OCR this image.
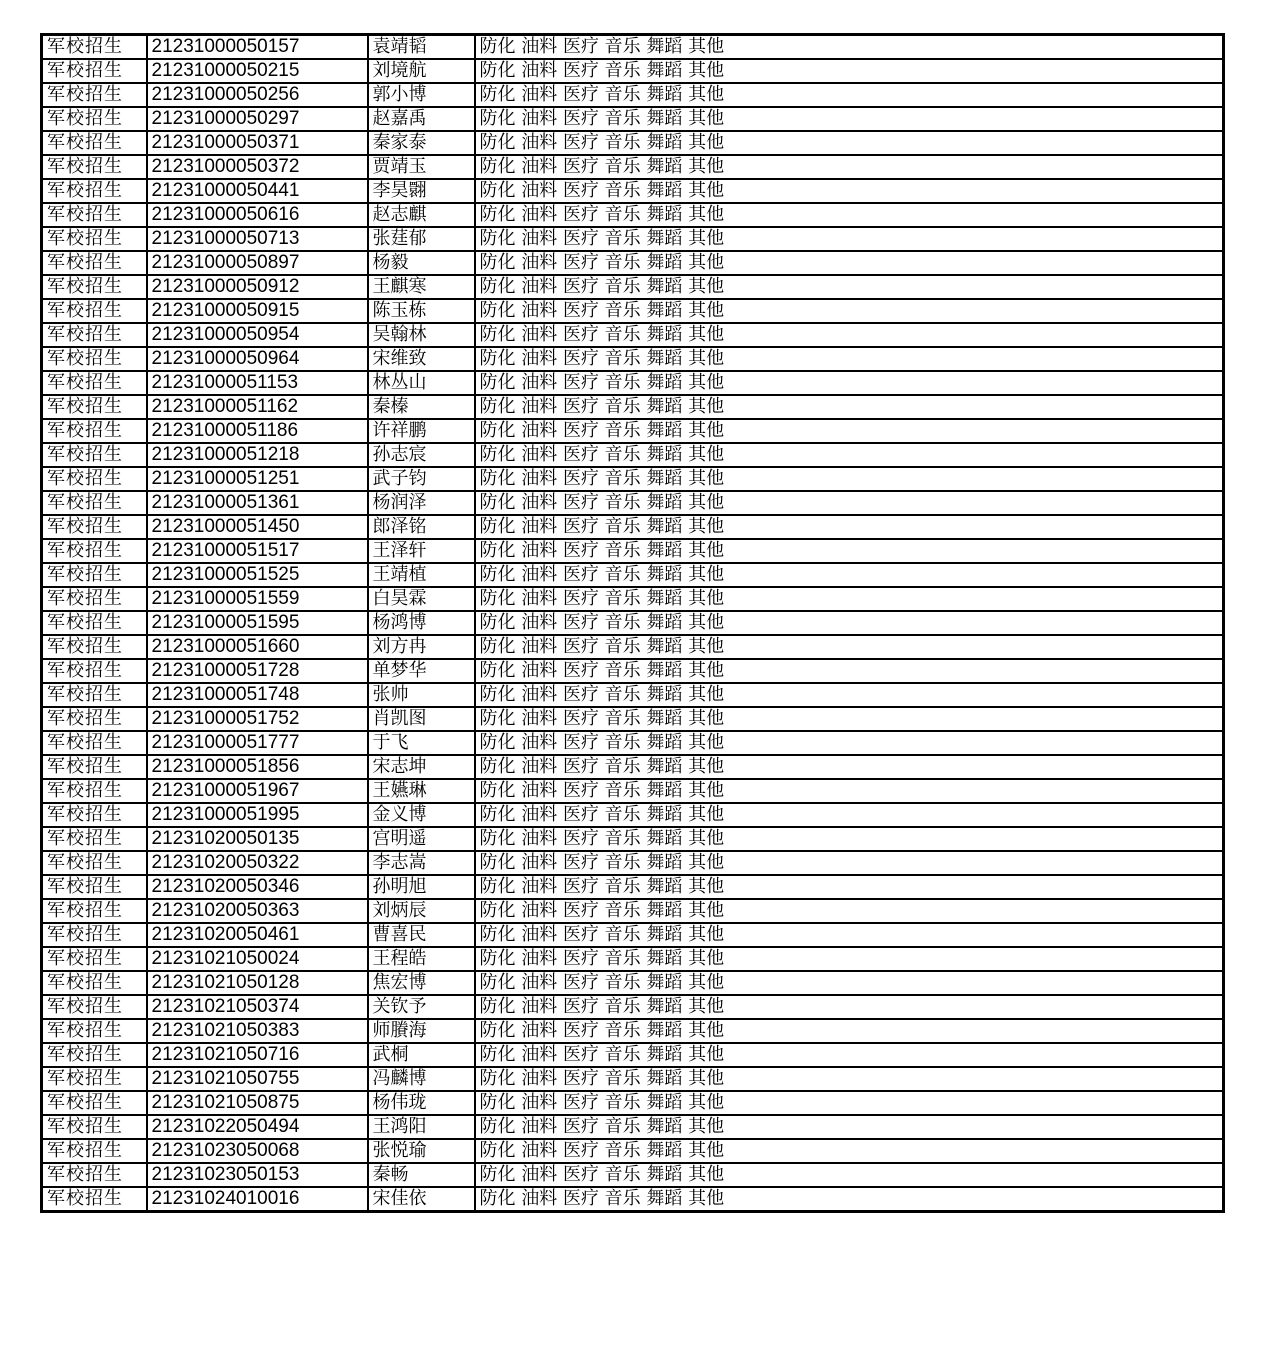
军校招生	21231000050157	袁靖韬	防化 油料 医疗 音乐 舞蹈 其他
军校招生	21231000050215	刘境航	防化 油料 医疗 音乐 舞蹈 其他
军校招生	21231000050256	郭小博	防化 油料 医疗 音乐 舞蹈 其他
军校招生	21231000050297	赵嘉禹	防化 油料 医疗 音乐 舞蹈 其他
军校招生	21231000050371	秦家泰	防化 油料 医疗 音乐 舞蹈 其他
军校招生	21231000050372	贾靖玉	防化 油料 医疗 音乐 舞蹈 其他
军校招生	21231000050441	李昊翾	防化 油料 医疗 音乐 舞蹈 其他
军校招生	21231000050616	赵志麒	防化 油料 医疗 音乐 舞蹈 其他
军校招生	21231000050713	张莛郁	防化 油料 医疗 音乐 舞蹈 其他
军校招生	21231000050897	杨毅	防化 油料 医疗 音乐 舞蹈 其他
军校招生	21231000050912	王麒寒	防化 油料 医疗 音乐 舞蹈 其他
军校招生	21231000050915	陈玉栋	防化 油料 医疗 音乐 舞蹈 其他
军校招生	21231000050954	吴翰林	防化 油料 医疗 音乐 舞蹈 其他
军校招生	21231000050964	宋维致	防化 油料 医疗 音乐 舞蹈 其他
军校招生	21231000051153	林丛山	防化 油料 医疗 音乐 舞蹈 其他
军校招生	21231000051162	秦榛	防化 油料 医疗 音乐 舞蹈 其他
军校招生	21231000051186	许祥鹏	防化 油料 医疗 音乐 舞蹈 其他
军校招生	21231000051218	孙志宸	防化 油料 医疗 音乐 舞蹈 其他
军校招生	21231000051251	武子钧	防化 油料 医疗 音乐 舞蹈 其他
军校招生	21231000051361	杨润泽	防化 油料 医疗 音乐 舞蹈 其他
军校招生	21231000051450	郎泽铭	防化 油料 医疗 音乐 舞蹈 其他
军校招生	21231000051517	王泽轩	防化 油料 医疗 音乐 舞蹈 其他
军校招生	21231000051525	王靖植	防化 油料 医疗 音乐 舞蹈 其他
军校招生	21231000051559	白昊霖	防化 油料 医疗 音乐 舞蹈 其他
军校招生	21231000051595	杨鸿博	防化 油料 医疗 音乐 舞蹈 其他
军校招生	21231000051660	刘方冉	防化 油料 医疗 音乐 舞蹈 其他
军校招生	21231000051728	单梦华	防化 油料 医疗 音乐 舞蹈 其他
军校招生	21231000051748	张帅	防化 油料 医疗 音乐 舞蹈 其他
军校招生	21231000051752	肖凯图	防化 油料 医疗 音乐 舞蹈 其他
军校招生	21231000051777	于飞	防化 油料 医疗 音乐 舞蹈 其他
军校招生	21231000051856	宋志坤	防化 油料 医疗 音乐 舞蹈 其他
军校招生	21231000051967	王嬿琳	防化 油料 医疗 音乐 舞蹈 其他
军校招生	21231000051995	金义博	防化 油料 医疗 音乐 舞蹈 其他
军校招生	21231020050135	宫明遥	防化 油料 医疗 音乐 舞蹈 其他
军校招生	21231020050322	李志嵩	防化 油料 医疗 音乐 舞蹈 其他
军校招生	21231020050346	孙明旭	防化 油料 医疗 音乐 舞蹈 其他
军校招生	21231020050363	刘炳辰	防化 油料 医疗 音乐 舞蹈 其他
军校招生	21231020050461	曹喜民	防化 油料 医疗 音乐 舞蹈 其他
军校招生	21231021050024	王程皓	防化 油料 医疗 音乐 舞蹈 其他
军校招生	21231021050128	焦宏博	防化 油料 医疗 音乐 舞蹈 其他
军校招生	21231021050374	关钦予	防化 油料 医疗 音乐 舞蹈 其他
军校招生	21231021050383	师賸海	防化 油料 医疗 音乐 舞蹈 其他
军校招生	21231021050716	武桐	防化 油料 医疗 音乐 舞蹈 其他
军校招生	21231021050755	冯麟博	防化 油料 医疗 音乐 舞蹈 其他
军校招生	21231021050875	杨伟珑	防化 油料 医疗 音乐 舞蹈 其他
军校招生	21231022050494	王鸿阳	防化 油料 医疗 音乐 舞蹈 其他
军校招生	21231023050068	张悦瑜	防化 油料 医疗 音乐 舞蹈 其他
军校招生	21231023050153	秦畅	防化 油料 医疗 音乐 舞蹈 其他
军校招生	21231024010016	宋佳依	防化 油料 医疗 音乐 舞蹈 其他
